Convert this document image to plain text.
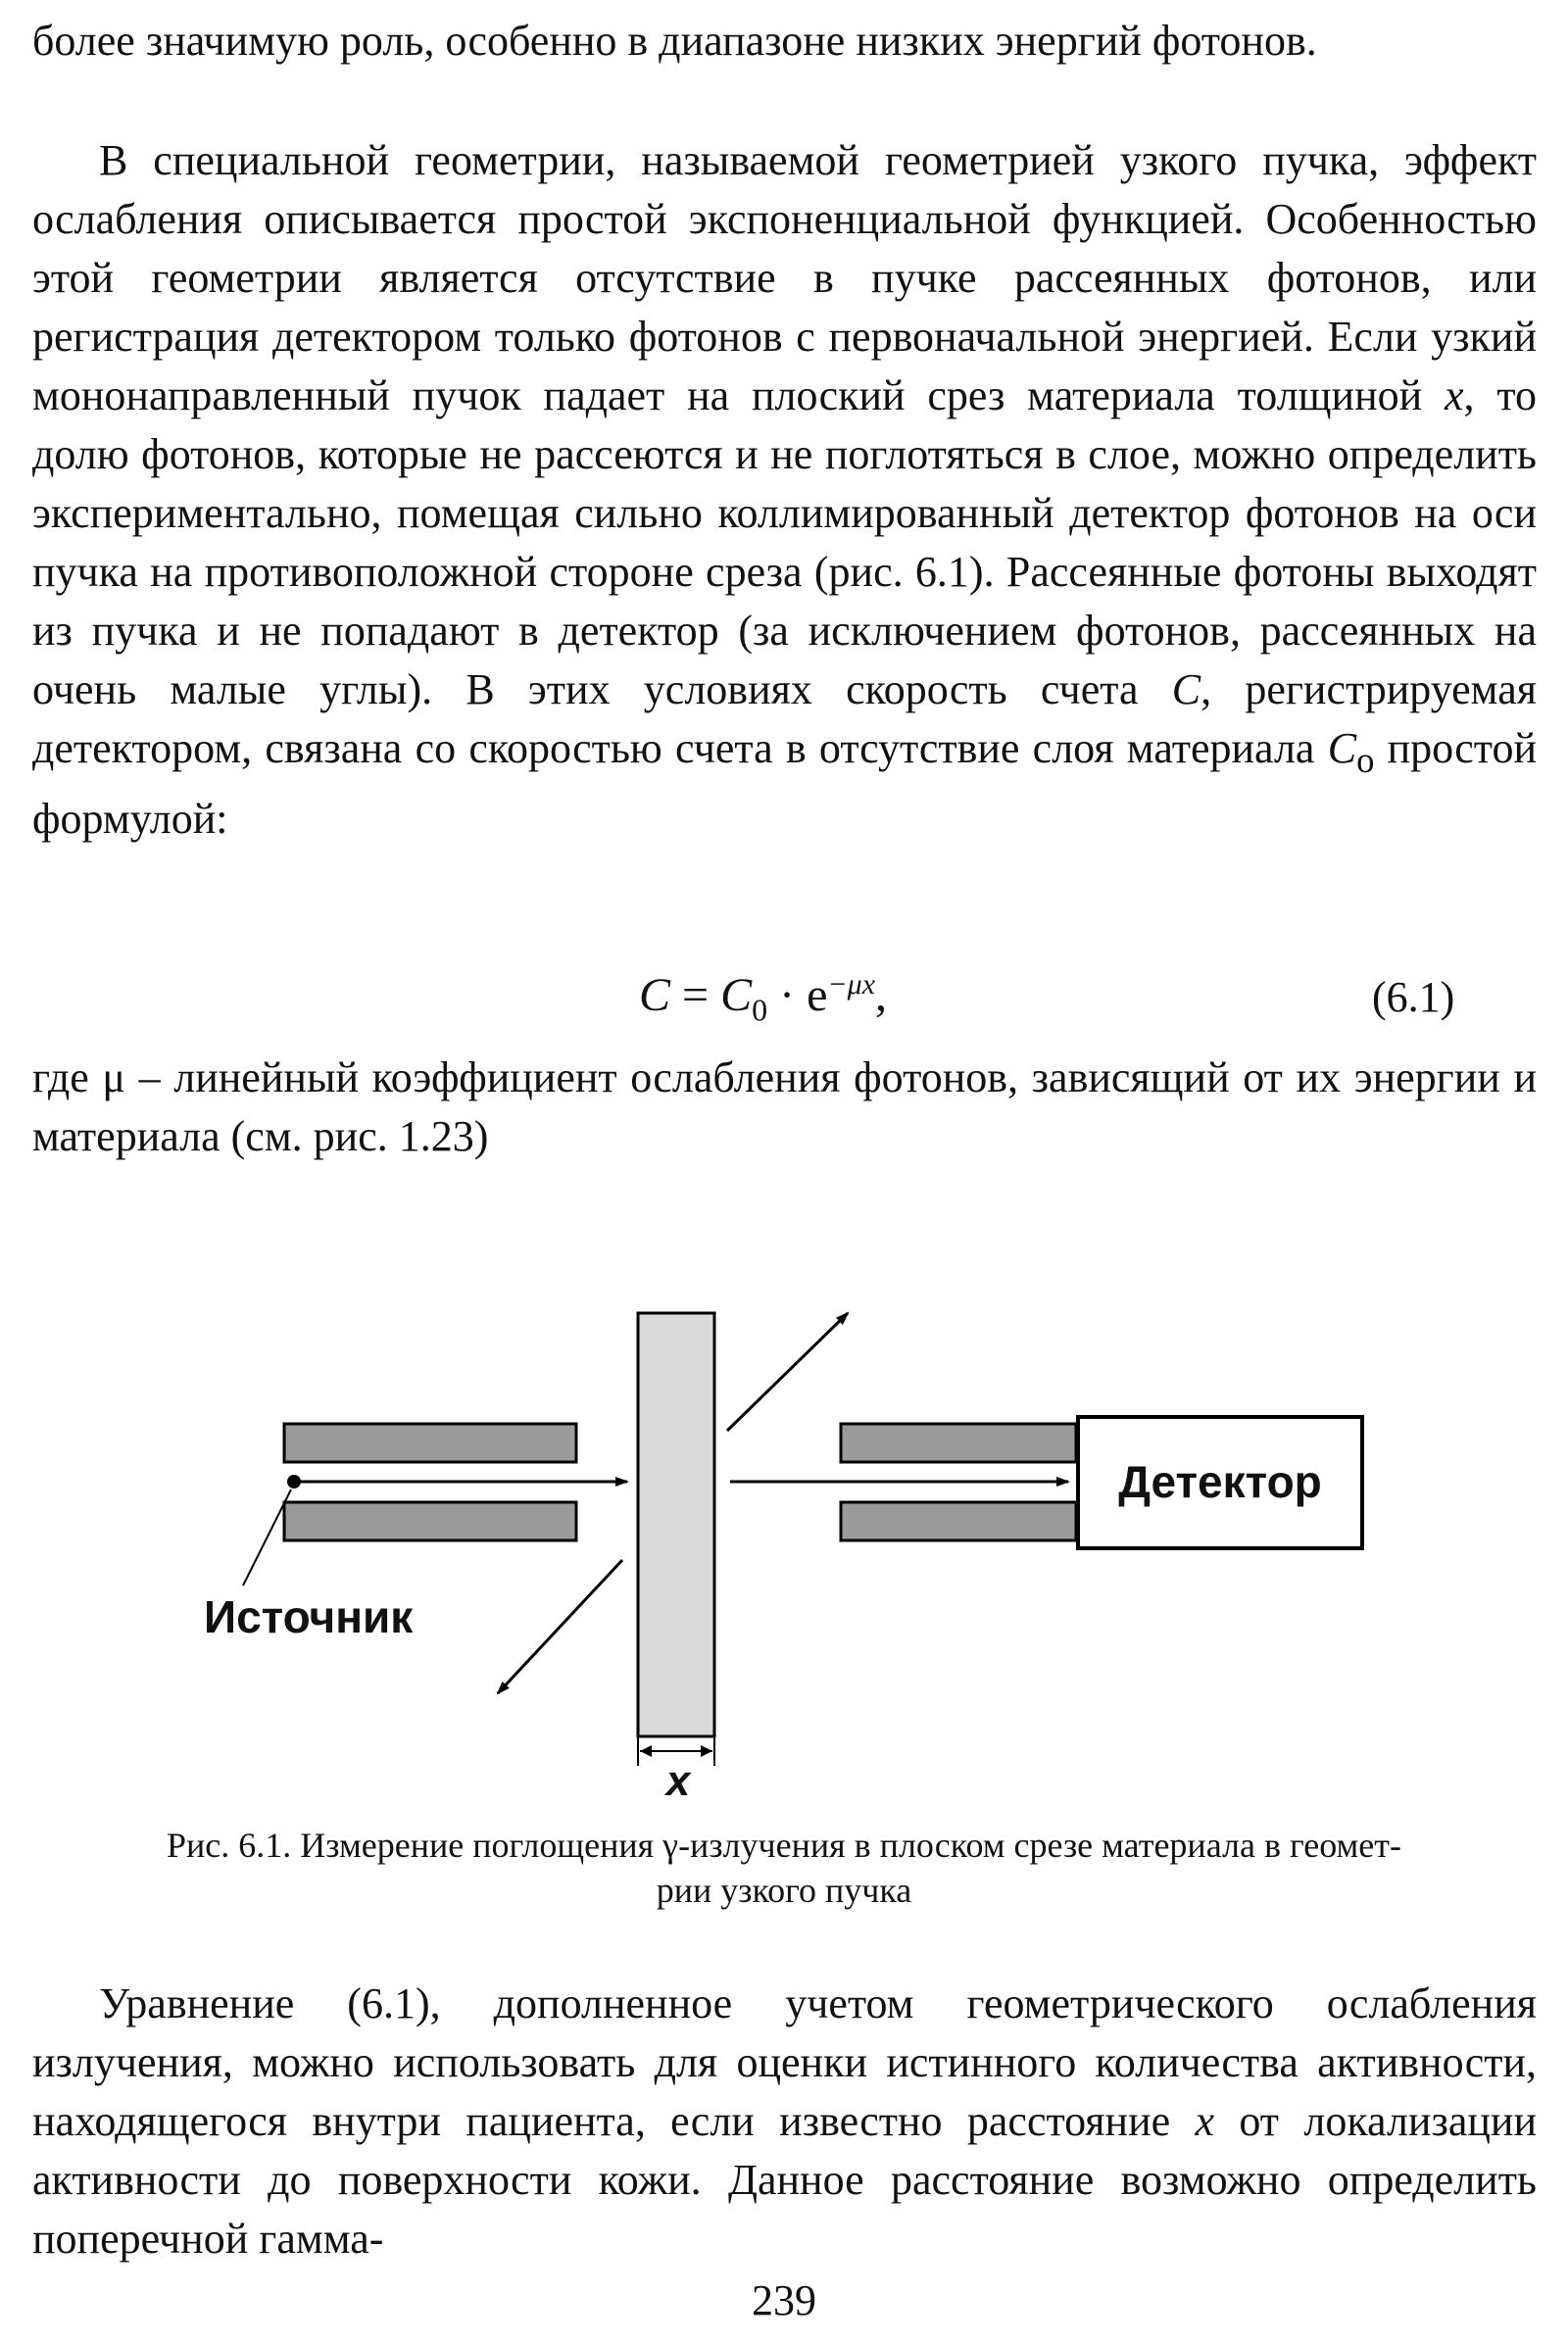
более значимую роль, особенно в диапазоне низких энергий фотонов.

В специальной геометрии, называемой геометрией узкого пучка, эффект ослабления описывается простой экспоненциальной функцией. Особенностью этой геометрии является отсутствие в пучке рассеянных фотонов, или регистрация детектором только фотонов с первоначальной энергией. Если узкий мононаправленный пучок падает на плоский срез материала толщиной x, то долю фотонов, которые не рассеются и не поглотяться в слое, можно определить экспериментально, помещая сильно коллимированный детектор фотонов на оси пучка на противоположной стороне среза (рис. 6.1). Рассеянные фотоны выходят из пучка и не попадают в детектор (за исключением фотонов, рассеянных на очень малые углы). В этих условиях скорость счета C, регистрируемая детектором, связана со скоростью счета в отсутствие слоя материала $C_o$ простой формулой:

$C = C_0 \cdot e^{-\mu x}$,	(6.1)

где μ – линейный коэффициент ослабления фотонов, зависящий от их энергии и материала (см. рис. 1.23)

Детектор
Источник
x
Рис. 6.1. Измерение поглощения γ-излучения в плоском срезе материала в геомет-
рии узкого пучка

Уравнение (6.1), дополненное учетом геометрического ослабления излучения, можно использовать для оценки истинного количества активности, находящегося внутри пациента, если известно расстояние x от локализации активности до поверхности кожи. Данное расстояние возможно определить поперечной гамма-

239
